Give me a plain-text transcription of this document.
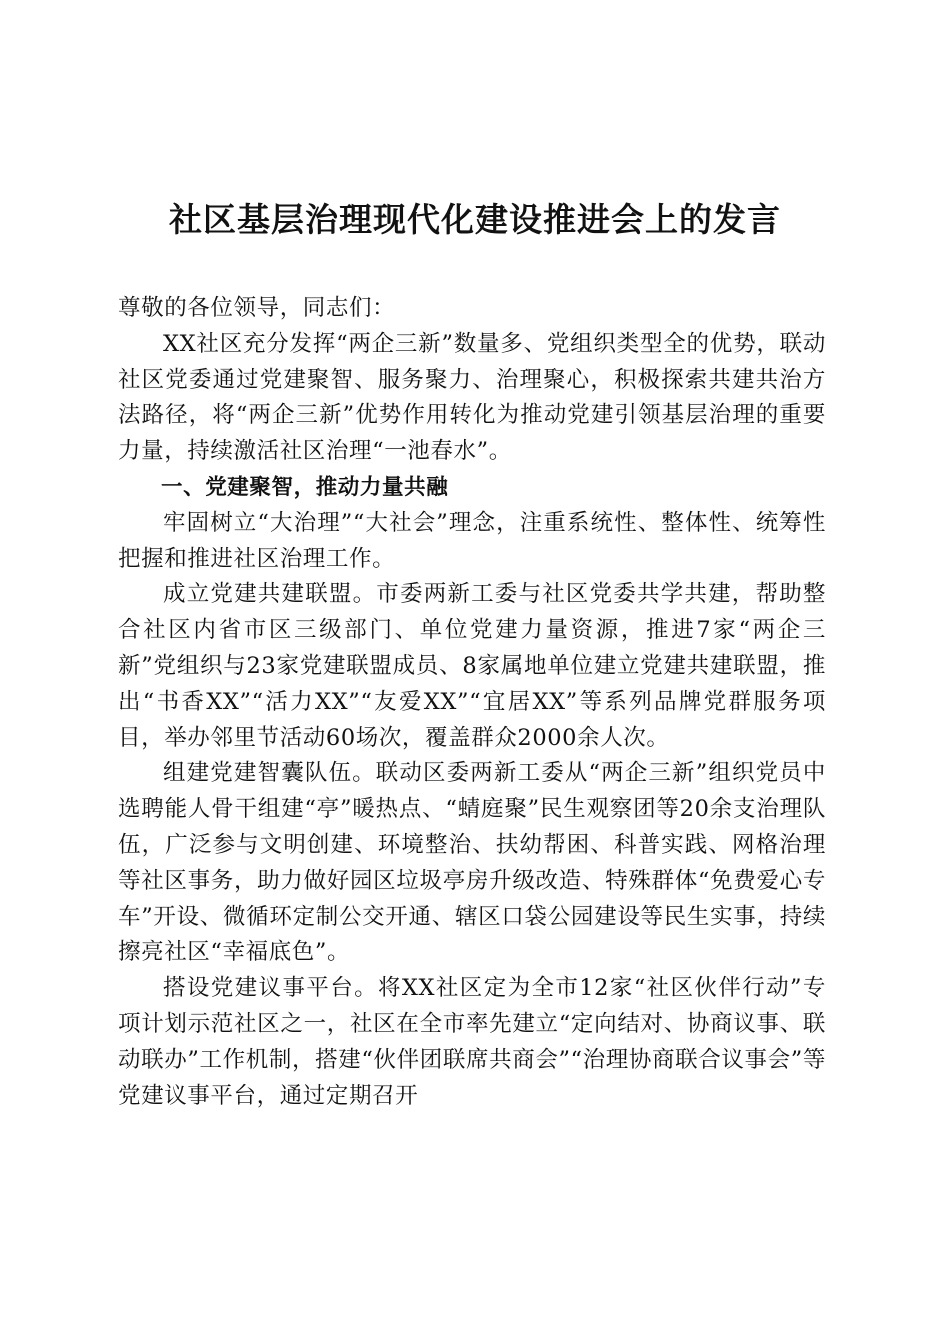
社区基层治理现代化建设推进会上的发言

尊敬的各位领导，同志们：

XX社区充分发挥“两企三新”数量多、党组织类型全的优势，联动社区党委通过党建聚智、服务聚力、治理聚心，积极探索共建共治方法路径，将“两企三新”优势作用转化为推动党建引领基层治理的重要力量，持续激活社区治理“一池春水”。

一、党建聚智，推动力量共融

牢固树立“大治理”“大社会”理念，注重系统性、整体性、统筹性把握和推进社区治理工作。

成立党建共建联盟。市委两新工委与社区党委共学共建，帮助整合社区内省市区三级部门、单位党建力量资源，推进7家“两企三新”党组织与23家党建联盟成员、8家属地单位建立党建共建联盟，推出“书香XX”“活力XX”“友爱XX”“宜居XX”等系列品牌党群服务项目，举办邻里节活动60场次，覆盖群众2000余人次。

组建党建智囊队伍。联动区委两新工委从“两企三新”组织党员中选聘能人骨干组建“亭”暖热点、“蜻庭聚”民生观察团等20余支治理队伍，广泛参与文明创建、环境整治、扶幼帮困、科普实践、网格治理等社区事务，助力做好园区垃圾亭房升级改造、特殊群体“免费爱心专车”开设、微循环定制公交开通、辖区口袋公园建设等民生实事，持续擦亮社区“幸福底色”。

搭设党建议事平台。将XX社区定为全市12家“社区伙伴行动”专项计划示范社区之一，社区在全市率先建立“定向结对、协商议事、联动联办”工作机制，搭建“伙伴团联席共商会”“治理协商联合议事会”等党建议事平台，通过定期召开
